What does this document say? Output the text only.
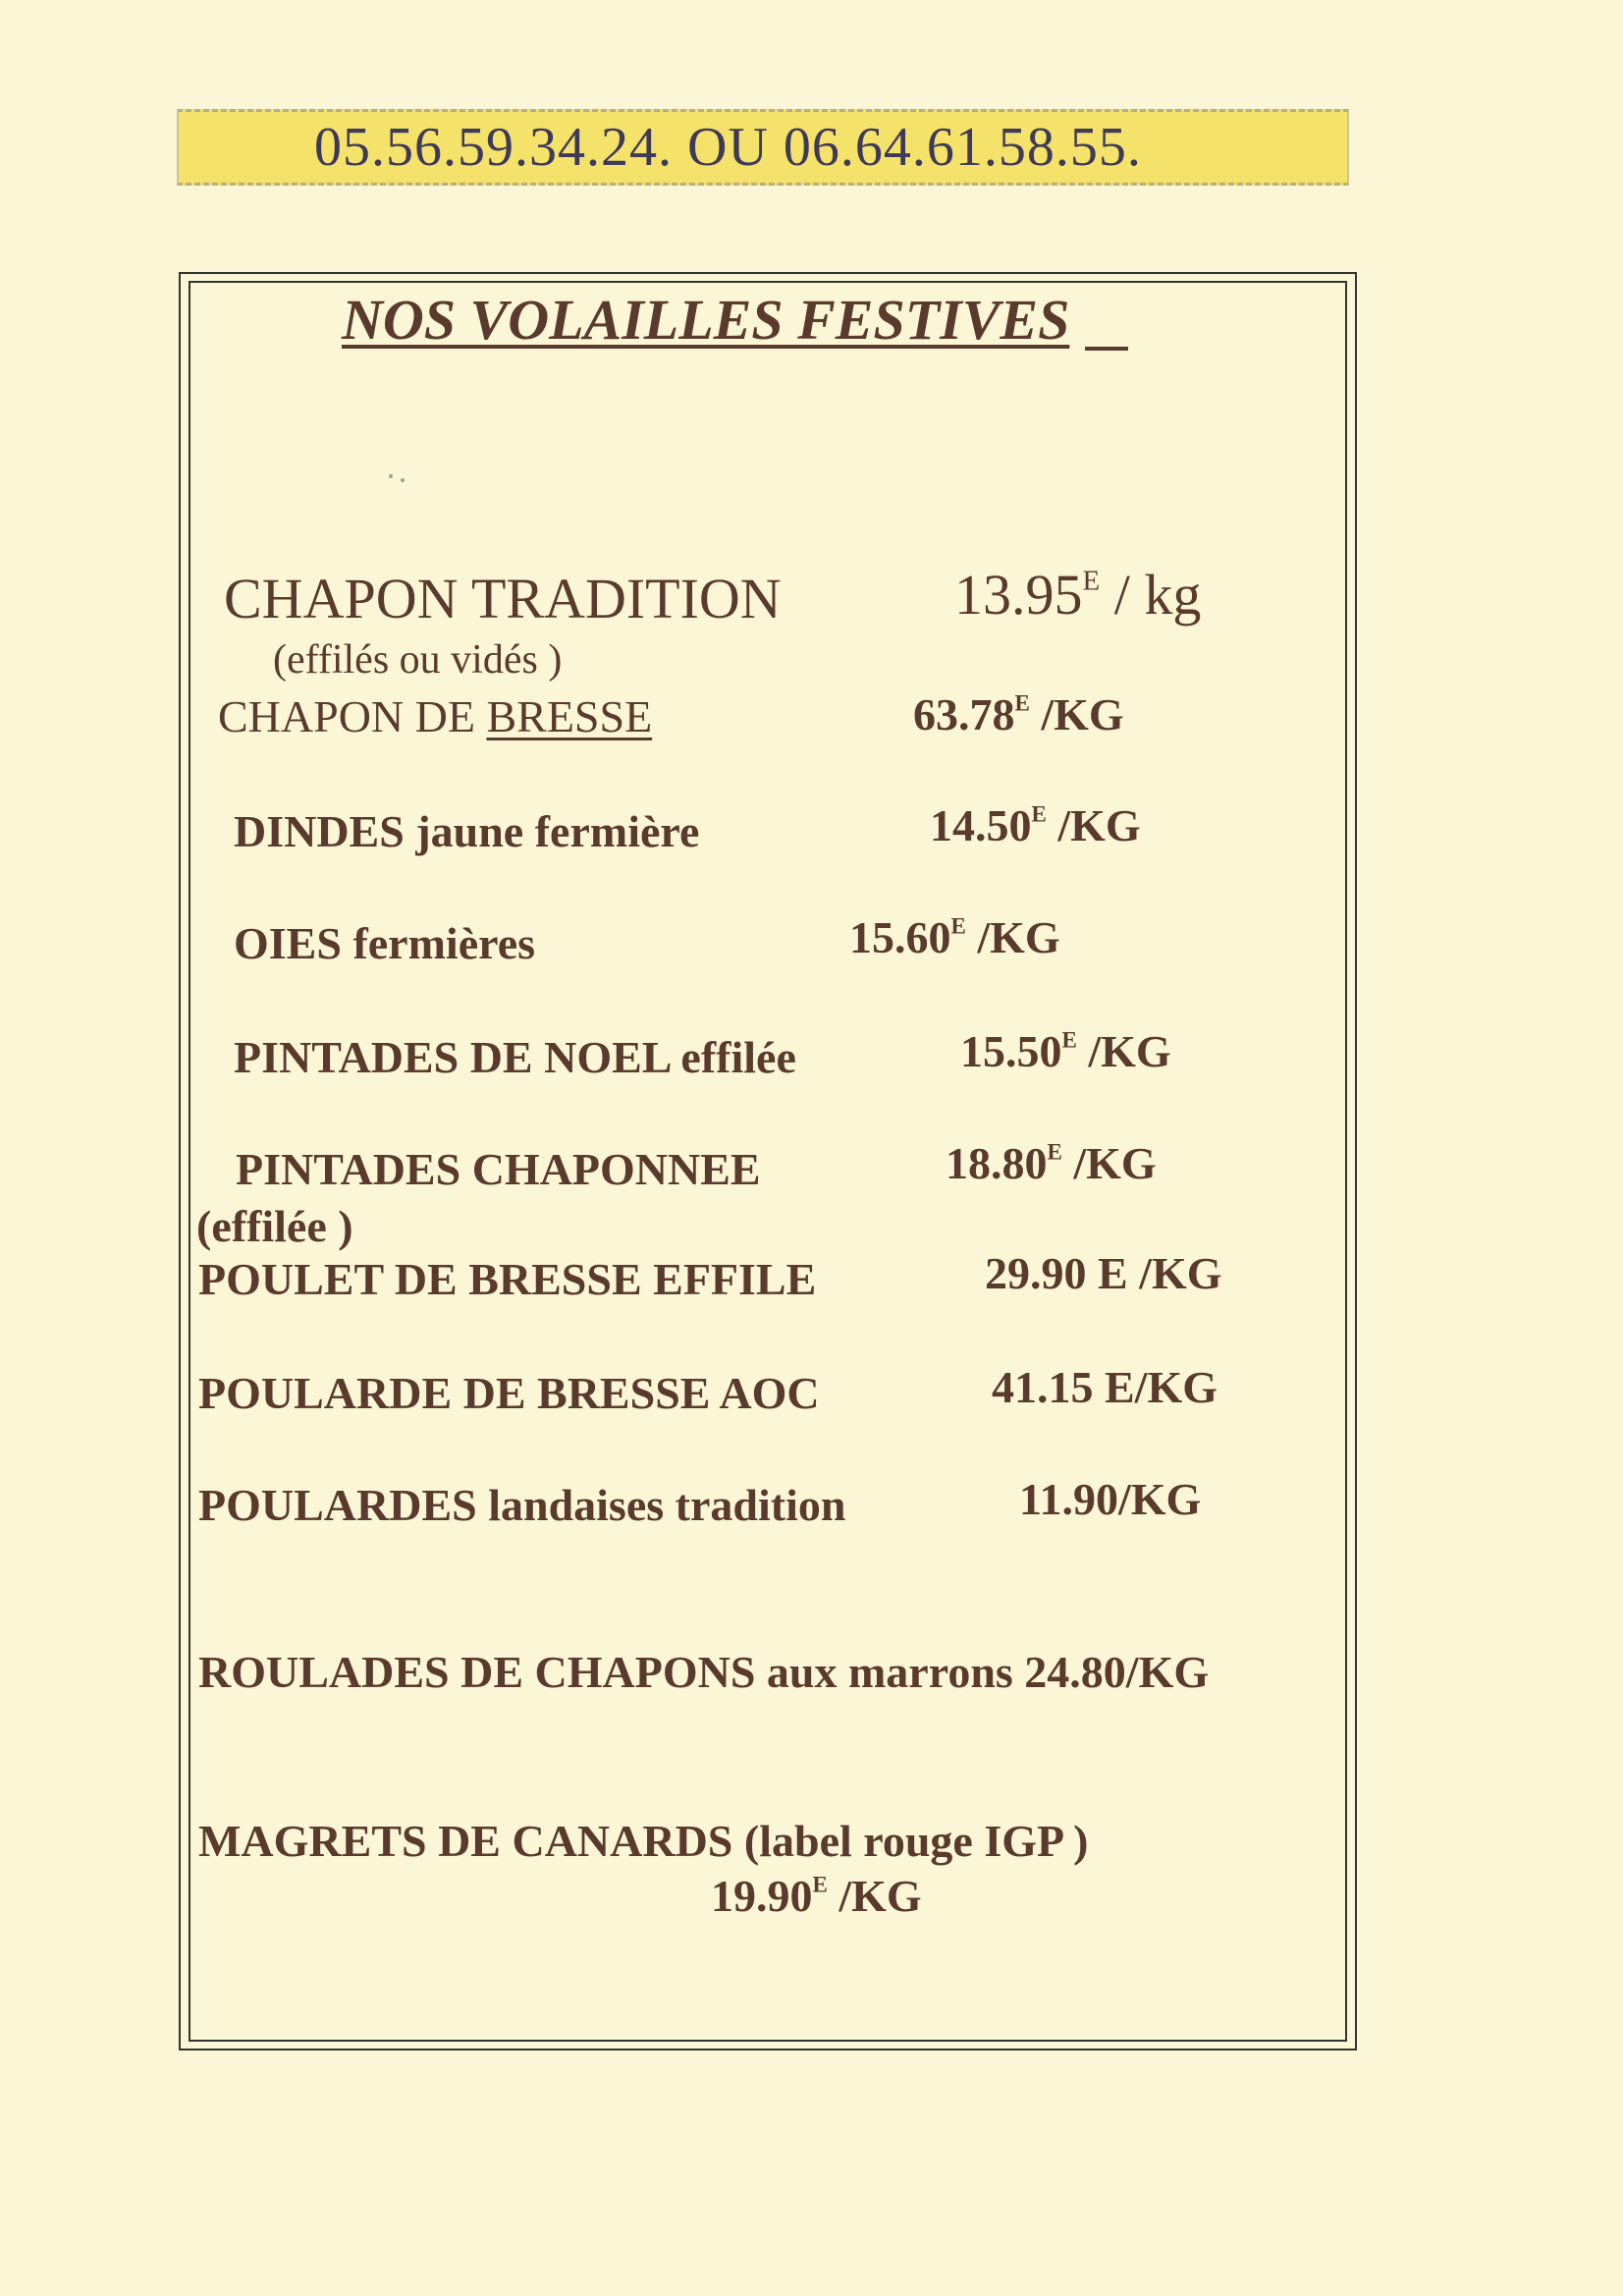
05.56.59.34.24. OU 06.64.61.58.55.
NOS VOLAILLES FESTIVES
CHAPON TRADITION	$13.95^E$ / kg
(effilés ou vidés )
CHAPON DE BRESSE	$63.78^E$ /KG
DINDES jaune fermière	$14.50^E$ /KG
OIES fermières	$15.60^E$ /KG
PINTADES DE NOEL effilée	$15.50^E$ /KG
PINTADES CHAPONNEE	$18.80^E$ /KG
(effilée )
POULET DE BRESSE EFFILE	29.90 E /KG
POULARDE DE BRESSE AOC	41.15 E/KG
POULARDES landaises tradition	11.90/KG
ROULADES DE CHAPONS aux marrons 24.80/KG
MAGRETS DE CANARDS (label rouge IGP )
$19.90^E$ /KG
